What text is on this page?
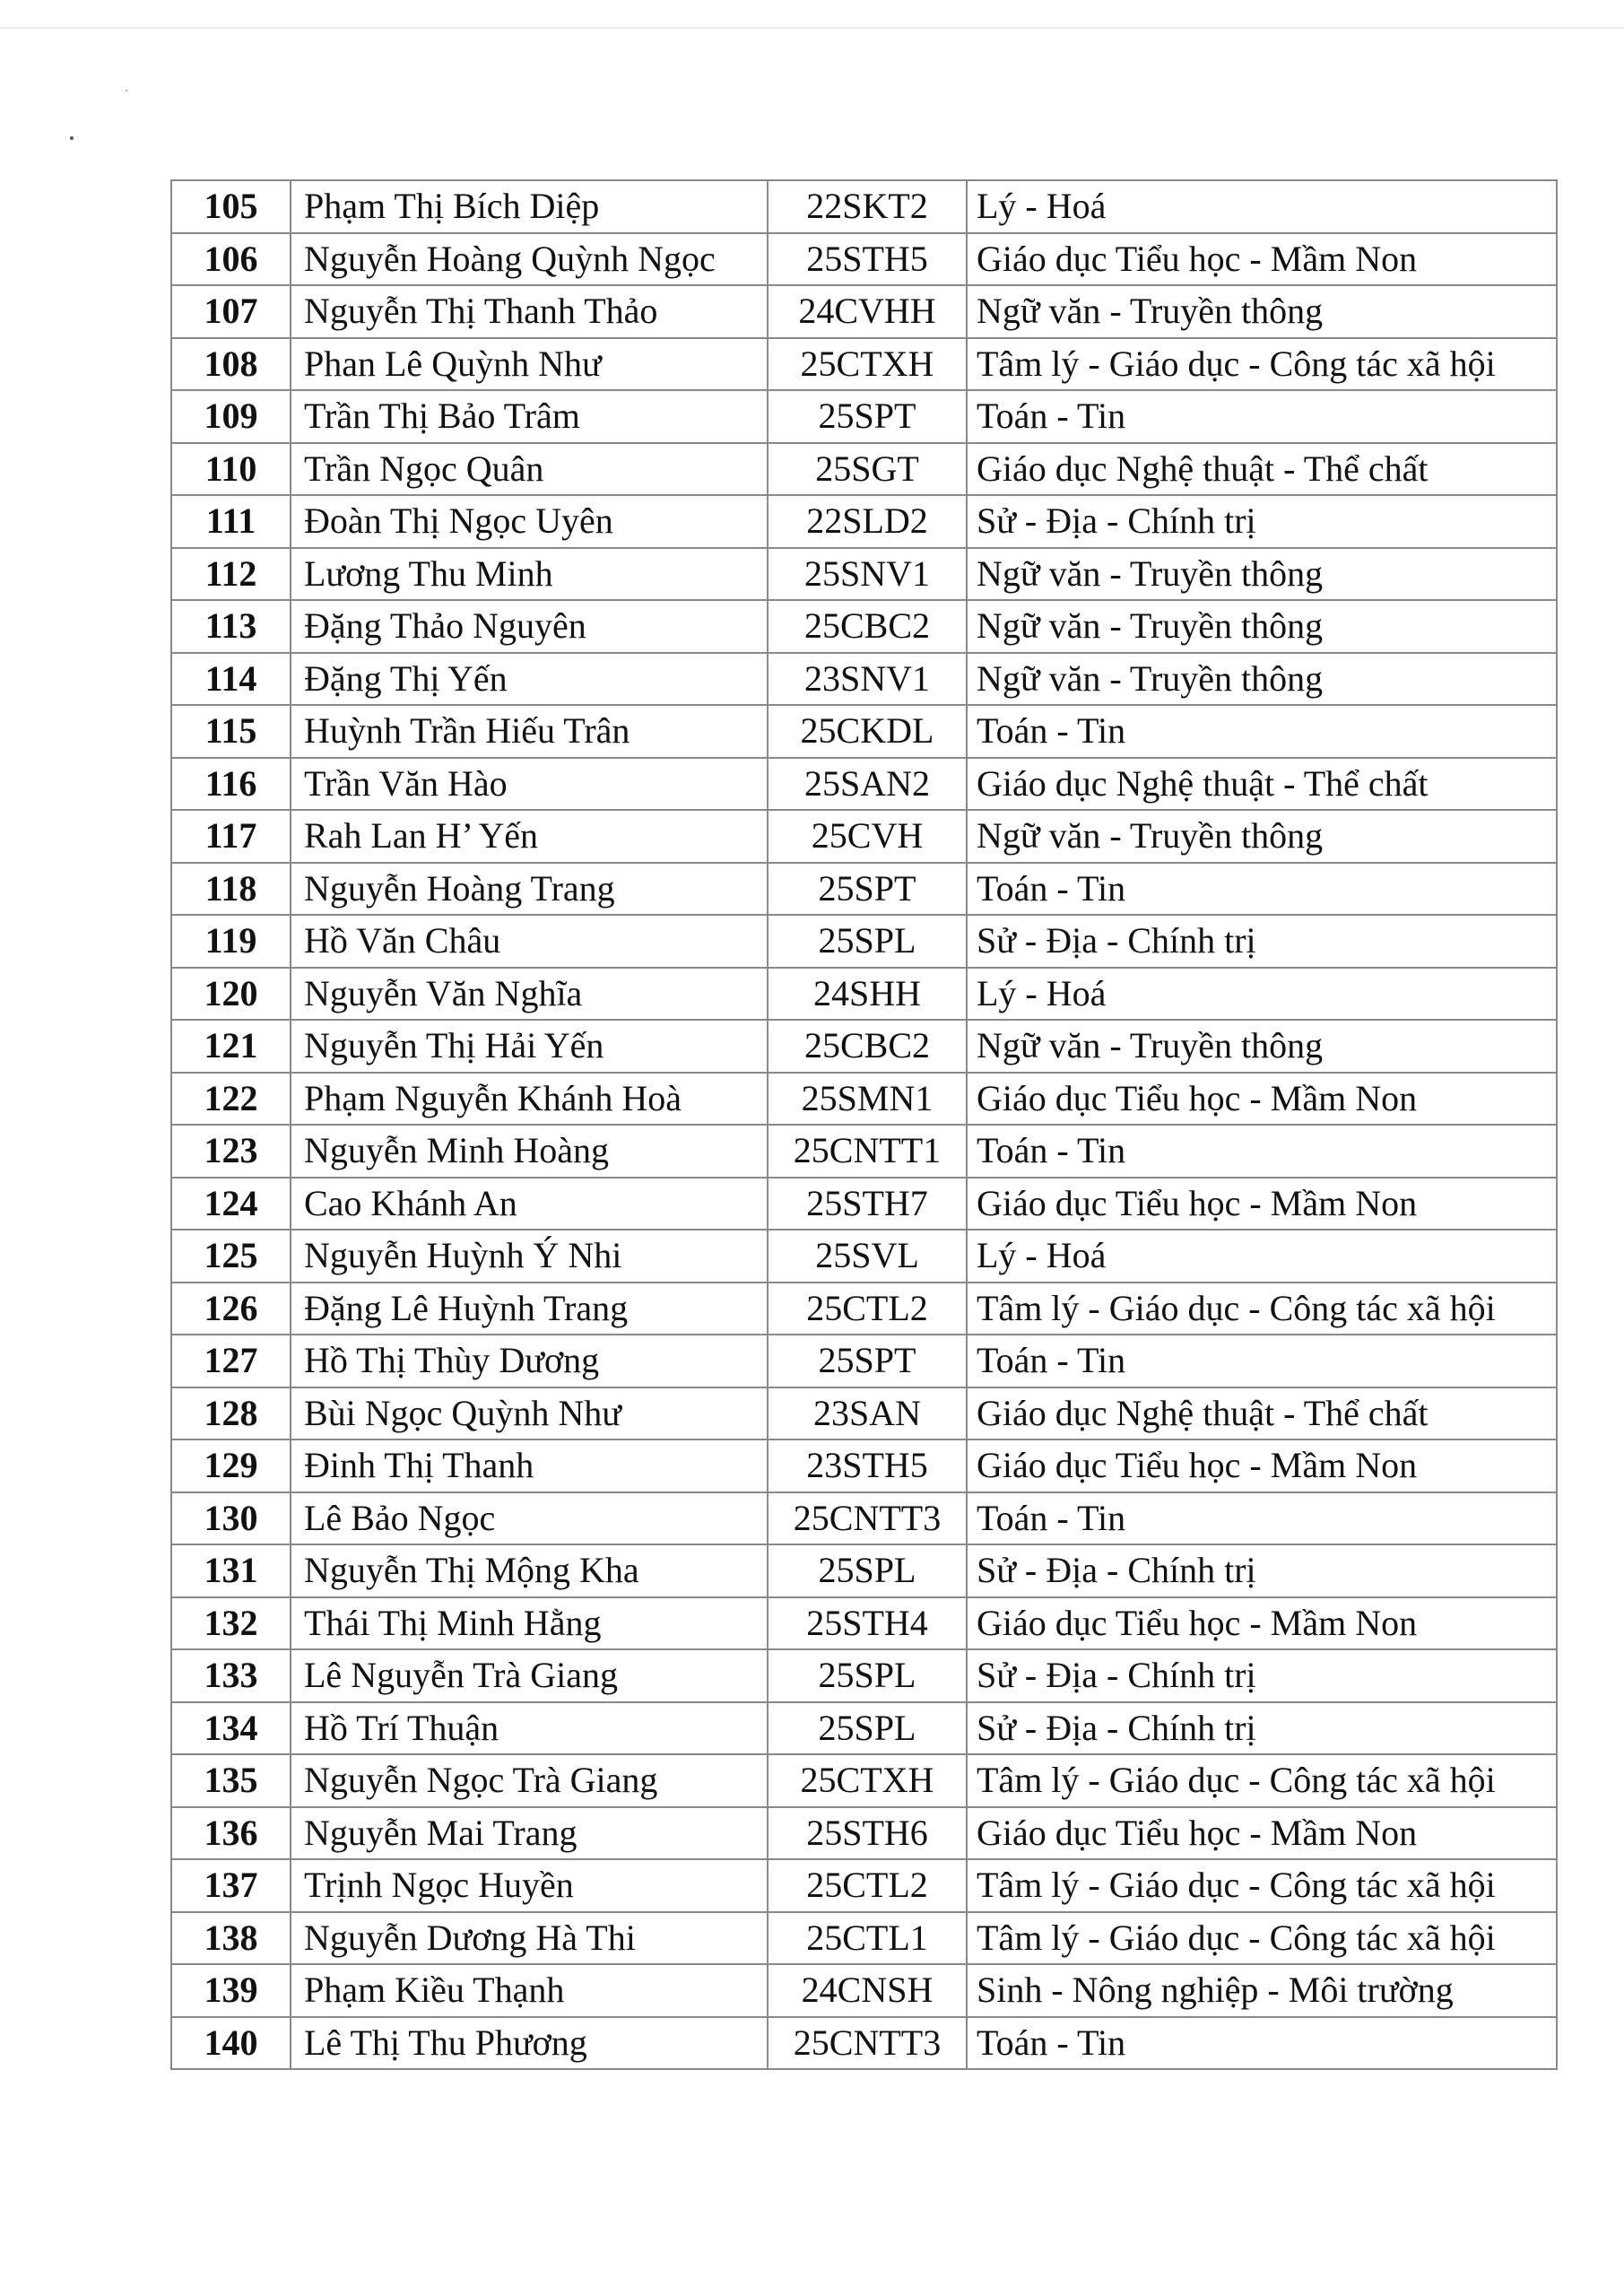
105	Phạm Thị Bích Diệp	22SKT2	Lý - Hoá
106	Nguyễn Hoàng Quỳnh Ngọc	25STH5	Giáo dục Tiểu học - Mầm Non
107	Nguyễn Thị Thanh Thảo	24CVHH	Ngữ văn - Truyền thông
108	Phan Lê Quỳnh Như	25CTXH	Tâm lý - Giáo dục - Công tác xã hội
109	Trần Thị Bảo Trâm	25SPT	Toán - Tin
110	Trần Ngọc Quân	25SGT	Giáo dục Nghệ thuật - Thể chất
111	Đoàn Thị Ngọc Uyên	22SLD2	Sử - Địa - Chính trị
112	Lương Thu Minh	25SNV1	Ngữ văn - Truyền thông
113	Đặng Thảo Nguyên	25CBC2	Ngữ văn - Truyền thông
114	Đặng Thị Yến	23SNV1	Ngữ văn - Truyền thông
115	Huỳnh Trần Hiếu Trân	25CKDL	Toán - Tin
116	Trần Văn Hào	25SAN2	Giáo dục Nghệ thuật - Thể chất
117	Rah Lan H’ Yến	25CVH	Ngữ văn - Truyền thông
118	Nguyễn Hoàng Trang	25SPT	Toán - Tin
119	Hồ Văn Châu	25SPL	Sử - Địa - Chính trị
120	Nguyễn Văn Nghĩa	24SHH	Lý - Hoá
121	Nguyễn Thị Hải Yến	25CBC2	Ngữ văn - Truyền thông
122	Phạm Nguyễn Khánh Hoà	25SMN1	Giáo dục Tiểu học - Mầm Non
123	Nguyễn Minh Hoàng	25CNTT1	Toán - Tin
124	Cao Khánh An	25STH7	Giáo dục Tiểu học - Mầm Non
125	Nguyễn Huỳnh Ý Nhi	25SVL	Lý - Hoá
126	Đặng Lê Huỳnh Trang	25CTL2	Tâm lý - Giáo dục - Công tác xã hội
127	Hồ Thị Thùy Dương	25SPT	Toán - Tin
128	Bùi Ngọc Quỳnh Như	23SAN	Giáo dục Nghệ thuật - Thể chất
129	Đinh Thị Thanh	23STH5	Giáo dục Tiểu học - Mầm Non
130	Lê Bảo Ngọc	25CNTT3	Toán - Tin
131	Nguyễn Thị Mộng Kha	25SPL	Sử - Địa - Chính trị
132	Thái Thị Minh Hằng	25STH4	Giáo dục Tiểu học - Mầm Non
133	Lê Nguyễn Trà Giang	25SPL	Sử - Địa - Chính trị
134	Hồ Trí Thuận	25SPL	Sử - Địa - Chính trị
135	Nguyễn Ngọc Trà Giang	25CTXH	Tâm lý - Giáo dục - Công tác xã hội
136	Nguyễn Mai Trang	25STH6	Giáo dục Tiểu học - Mầm Non
137	Trịnh Ngọc Huyền	25CTL2	Tâm lý - Giáo dục - Công tác xã hội
138	Nguyễn Dương Hà Thi	25CTL1	Tâm lý - Giáo dục - Công tác xã hội
139	Phạm Kiều Thạnh	24CNSH	Sinh - Nông nghiệp - Môi trường
140	Lê Thị Thu Phương	25CNTT3	Toán - Tin
